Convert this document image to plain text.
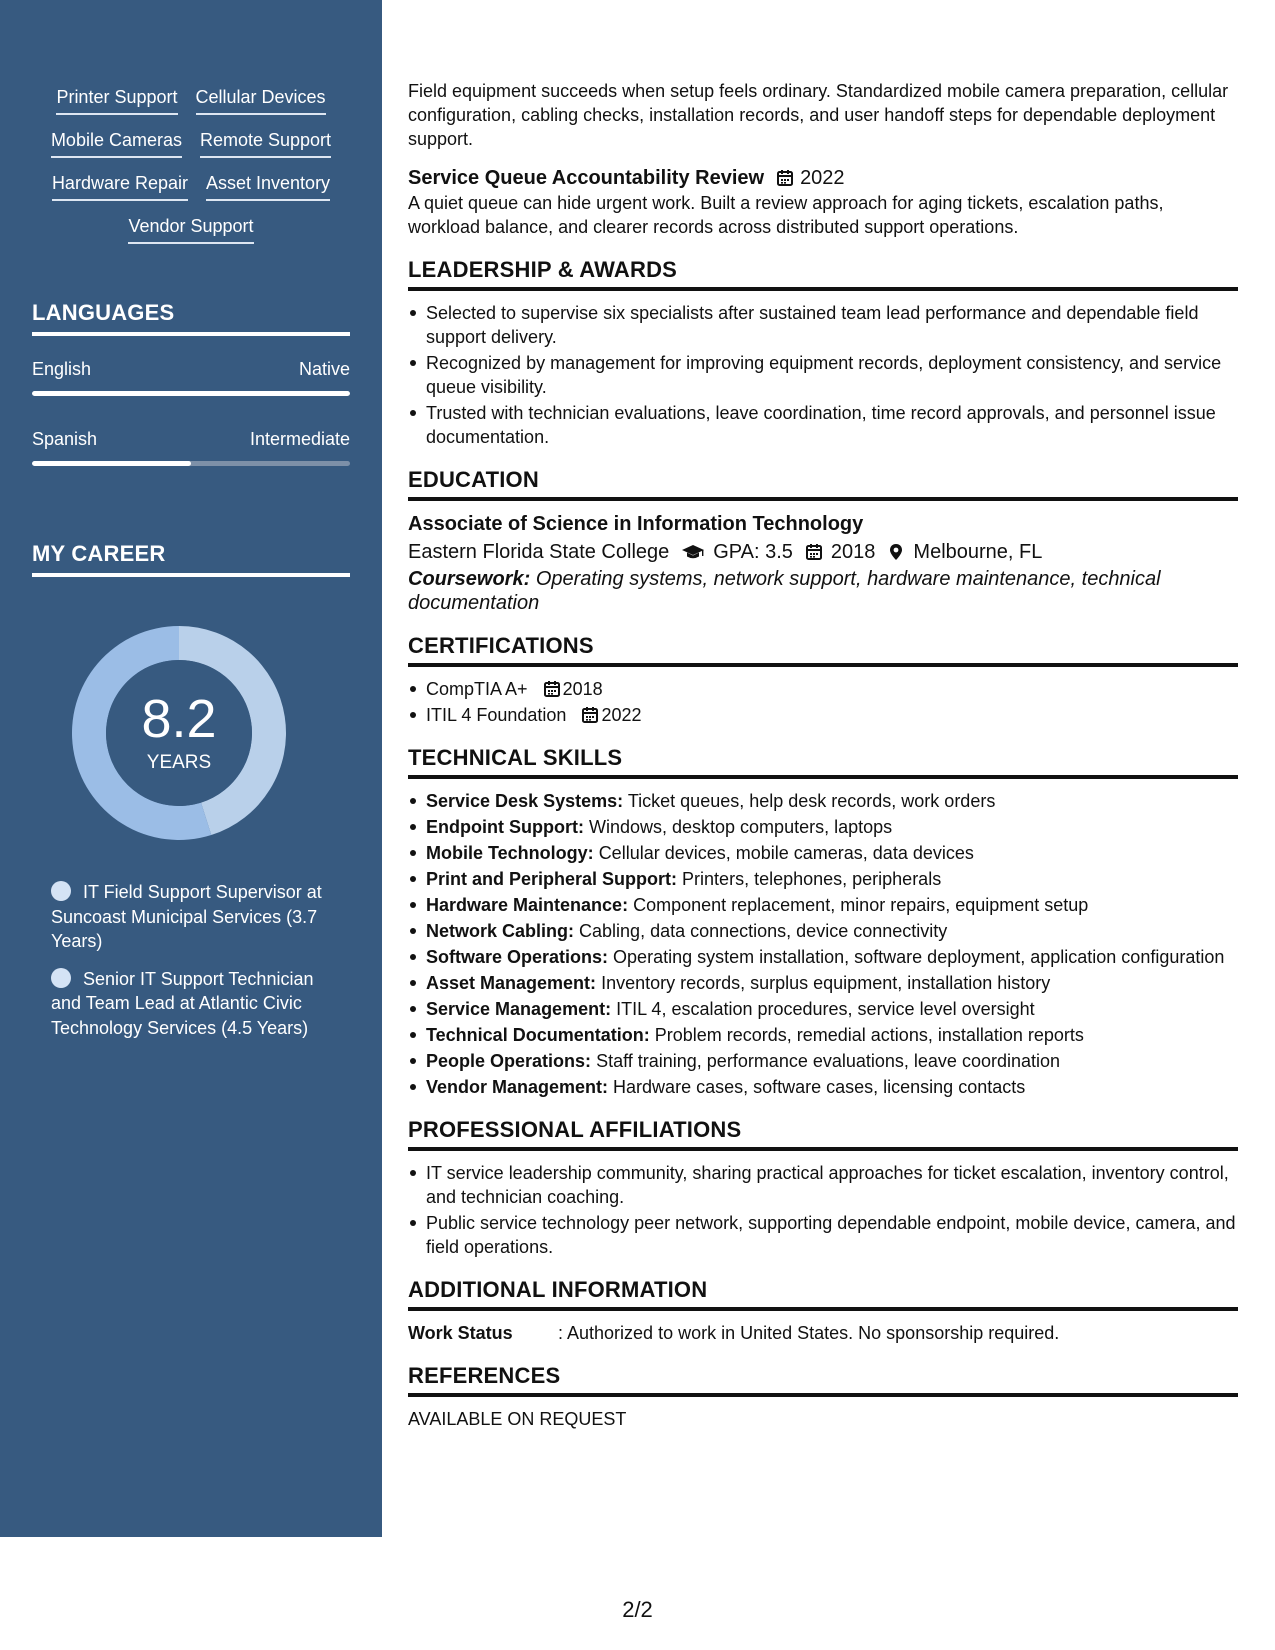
Printer Support Cellular Devices
Mobile Cameras Remote Support
Hardware Repair Asset Inventory
Vendor Support
LANGUAGES
English	Native
Spanish	Intermediate
MY CAREER
8.2
YEARS
IT Field Support Supervisor at Suncoast Municipal Services (3.7 Years)
Senior IT Support Technician and Team Lead at Atlantic Civic Technology Services (4.5 Years)

Field equipment succeeds when setup feels ordinary. Standardized mobile camera preparation, cellular configuration, cabling checks, installation records, and user handoff steps for dependable deployment support.

Service Queue Accountability Review 2022

A quiet queue can hide urgent work. Built a review approach for aging tickets, escalation paths, workload balance, and clearer records across distributed support operations.

LEADERSHIP & AWARDS
Selected to supervise six specialists after sustained team lead performance and dependable field support delivery.
Recognized by management for improving equipment records, deployment consistency, and service queue visibility.
Trusted with technician evaluations, leave coordination, time record approvals, and personnel issue documentation.
EDUCATION
Associate of Science in Information Technology
Eastern Florida State College GPA: 3.5 2018 Melbourne, FL
Coursework: Operating systems, network support, hardware maintenance, technical documentation
CERTIFICATIONS
CompTIA A+ 2018
ITIL 4 Foundation 2022
TECHNICAL SKILLS
Service Desk Systems: Ticket queues, help desk records, work orders
Endpoint Support: Windows, desktop computers, laptops
Mobile Technology: Cellular devices, mobile cameras, data devices
Print and Peripheral Support: Printers, telephones, peripherals
Hardware Maintenance: Component replacement, minor repairs, equipment setup
Network Cabling: Cabling, data connections, device connectivity
Software Operations: Operating system installation, software deployment, application configuration
Asset Management: Inventory records, surplus equipment, installation history
Service Management: ITIL 4, escalation procedures, service level oversight
Technical Documentation: Problem records, remedial actions, installation reports
People Operations: Staff training, performance evaluations, leave coordination
Vendor Management: Hardware cases, software cases, licensing contacts
PROFESSIONAL AFFILIATIONS
IT service leadership community, sharing practical approaches for ticket escalation, inventory control, and technician coaching.
Public service technology peer network, supporting dependable endpoint, mobile device, camera, and field operations.
ADDITIONAL INFORMATION
Work Status	: Authorized to work in United States. No sponsorship required.
REFERENCES

AVAILABLE ON REQUEST

2/2
